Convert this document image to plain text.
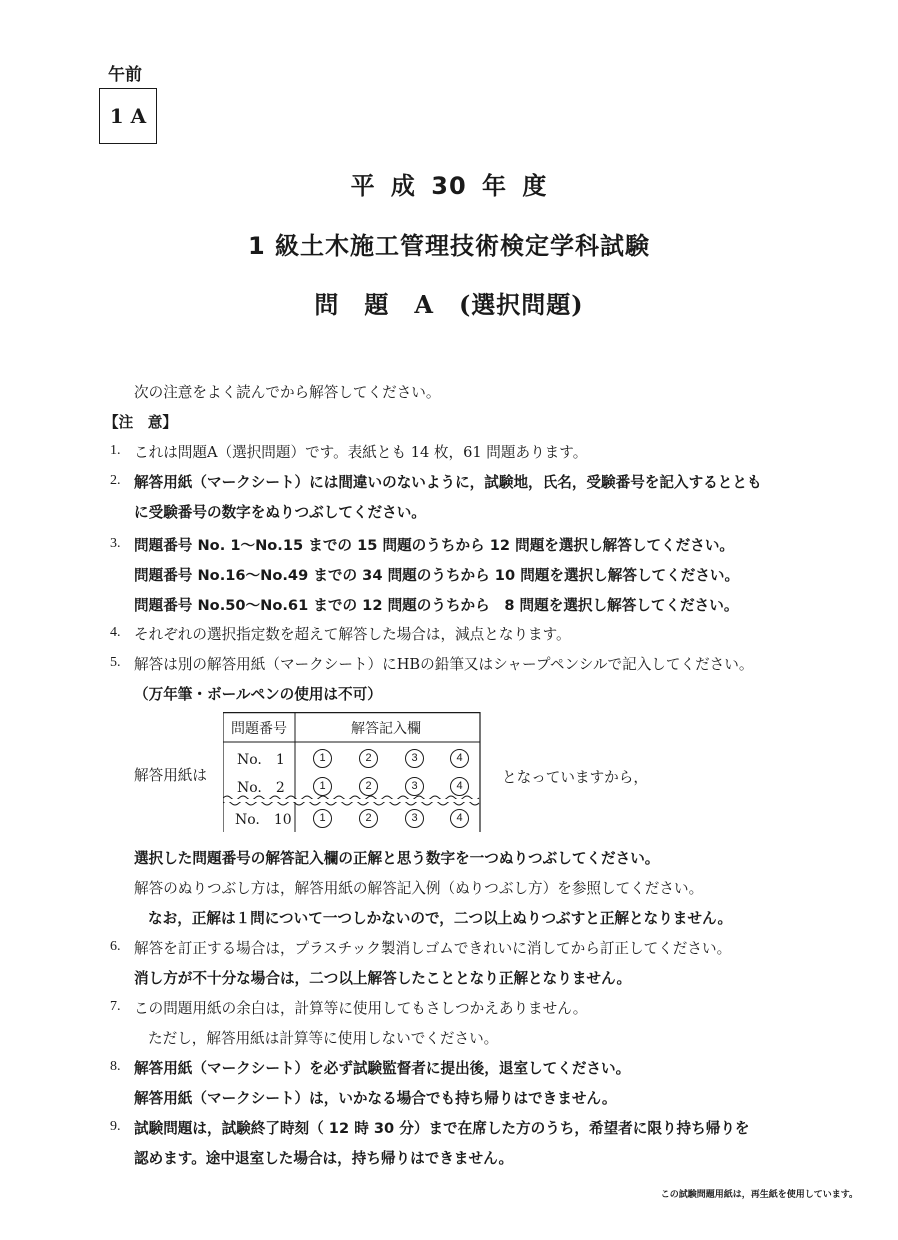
午前
1 A
平 成 30 年 度
1 級土木施工管理技術検定学科試験
問　題　A　(選択問題)
次の注意をよく読んでから解答してください。
【注　意】
1. これは問題A（選択問題）です。表紙とも 14 枚，61 問題あります。
2. 解答用紙（マークシート）には間違いのないように，試験地，氏名，受験番号を記入するととも
に受験番号の数字をぬりつぶしてください。
3. 問題番号 No. 1～No.15 までの 15 問題のうちから 12 問題を選択し解答してください。
問題番号 No.16～No.49 までの 34 問題のうちから 10 問題を選択し解答してください。
問題番号 No.50～No.61 までの 12 問題のうちから　8 問題を選択し解答してください。
4. それぞれの選択指定数を超えて解答した場合は，減点となります。
5. 解答は別の解答用紙（マークシート）にHBの鉛筆又はシャープペンシルで記入してください。
（万年筆・ボールペンの使用は不可）
解答用紙は	となっていますから，
問題番号	解答記入欄
No.　1	1	2	3	4
No.　2	1	2	3	4
No.　10	1	2	3	4
選択した問題番号の解答記入欄の正解と思う数字を一つぬりつぶしてください。
解答のぬりつぶし方は，解答用紙の解答記入例（ぬりつぶし方）を参照してください。
なお，正解は１問について一つしかないので，二つ以上ぬりつぶすと正解となりません。
6. 解答を訂正する場合は，プラスチック製消しゴムできれいに消してから訂正してください。
消し方が不十分な場合は，二つ以上解答したこととなり正解となりません。
7. この問題用紙の余白は，計算等に使用してもさしつかえありません。
ただし，解答用紙は計算等に使用しないでください。
8. 解答用紙（マークシート）を必ず試験監督者に提出後，退室してください。
解答用紙（マークシート）は，いかなる場合でも持ち帰りはできません。
9. 試験問題は，試験終了時刻（ 12 時 30 分）まで在席した方のうち，希望者に限り持ち帰りを
認めます。途中退室した場合は，持ち帰りはできません。
この試験問題用紙は，再生紙を使用しています。
